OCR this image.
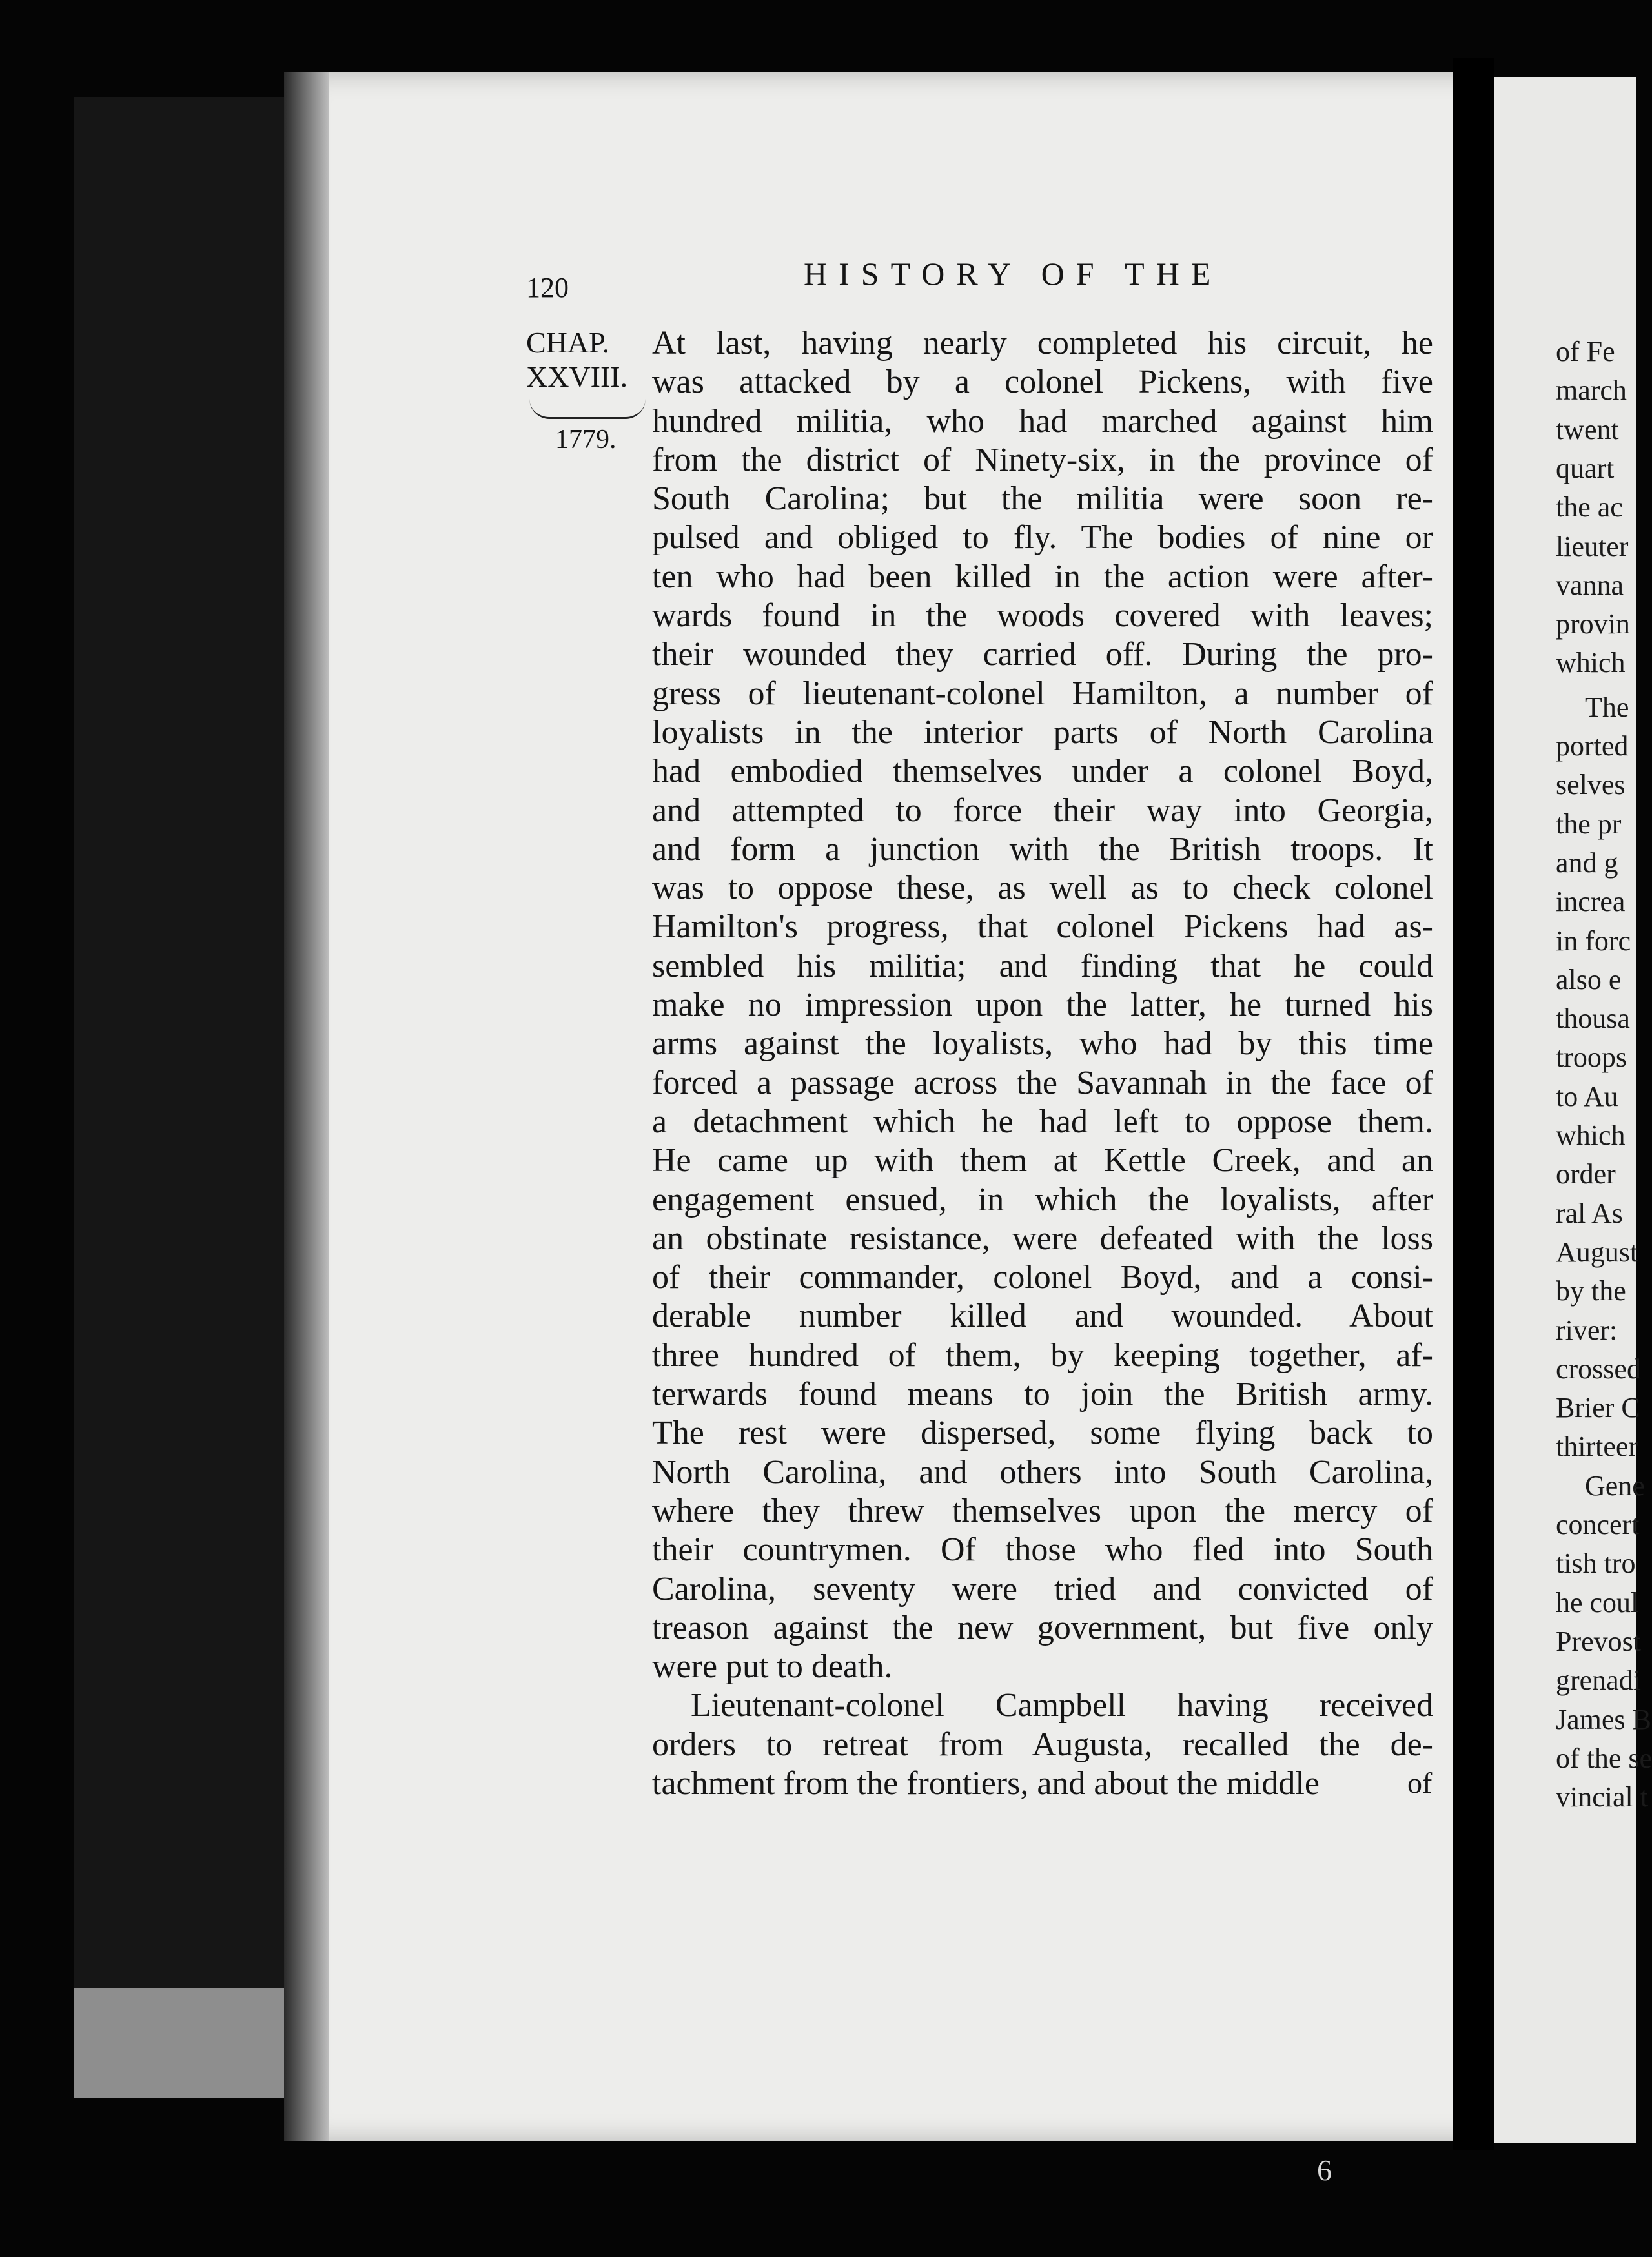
of Fe
march
twent
quart
the ac
lieuter
vanna
provin
which
The
ported
selves
the pr
and g
increa
in forc
also e
thousa
troops
to Au
which
order
ral As
August
by the
river:
crossed
Brier C
thirteer
Gene
concert
tish tro
he coul
Prevost
grenadi
James B
of the se
vincial t
120	HISTORY OF THE
CHAP.
XXVIII.
1779.
At last, having nearly completed his circuit, he
was attacked by a colonel Pickens, with five
hundred militia, who had marched against him
from the district of Ninety-six, in the province of
South Carolina; but the militia were soon re-
pulsed and obliged to fly. The bodies of nine or
ten who had been killed in the action were after-
wards found in the woods covered with leaves;
their wounded they carried off. During the pro-
gress of lieutenant-colonel Hamilton, a number of
loyalists in the interior parts of North Carolina
had embodied themselves under a colonel Boyd,
and attempted to force their way into Georgia,
and form a junction with the British troops. It
was to oppose these, as well as to check colonel
Hamilton's progress, that colonel Pickens had as-
sembled his militia; and finding that he could
make no impression upon the latter, he turned his
arms against the loyalists, who had by this time
forced a passage across the Savannah in the face of
a detachment which he had left to oppose them.
He came up with them at Kettle Creek, and an
engagement ensued, in which the loyalists, after
an obstinate resistance, were defeated with the loss
of their commander, colonel Boyd, and a consi-
derable number killed and wounded. About
three hundred of them, by keeping together, af-
terwards found means to join the British army.
The rest were dispersed, some flying back to
North Carolina, and others into South Carolina,
where they threw themselves upon the mercy of
their countrymen. Of those who fled into South
Carolina, seventy were tried and convicted of
treason against the new government, but five only
were put to death.
Lieutenant-colonel Campbell having received
orders to retreat from Augusta, recalled the de-
tachment from the frontiers, and about the middle	of
6
